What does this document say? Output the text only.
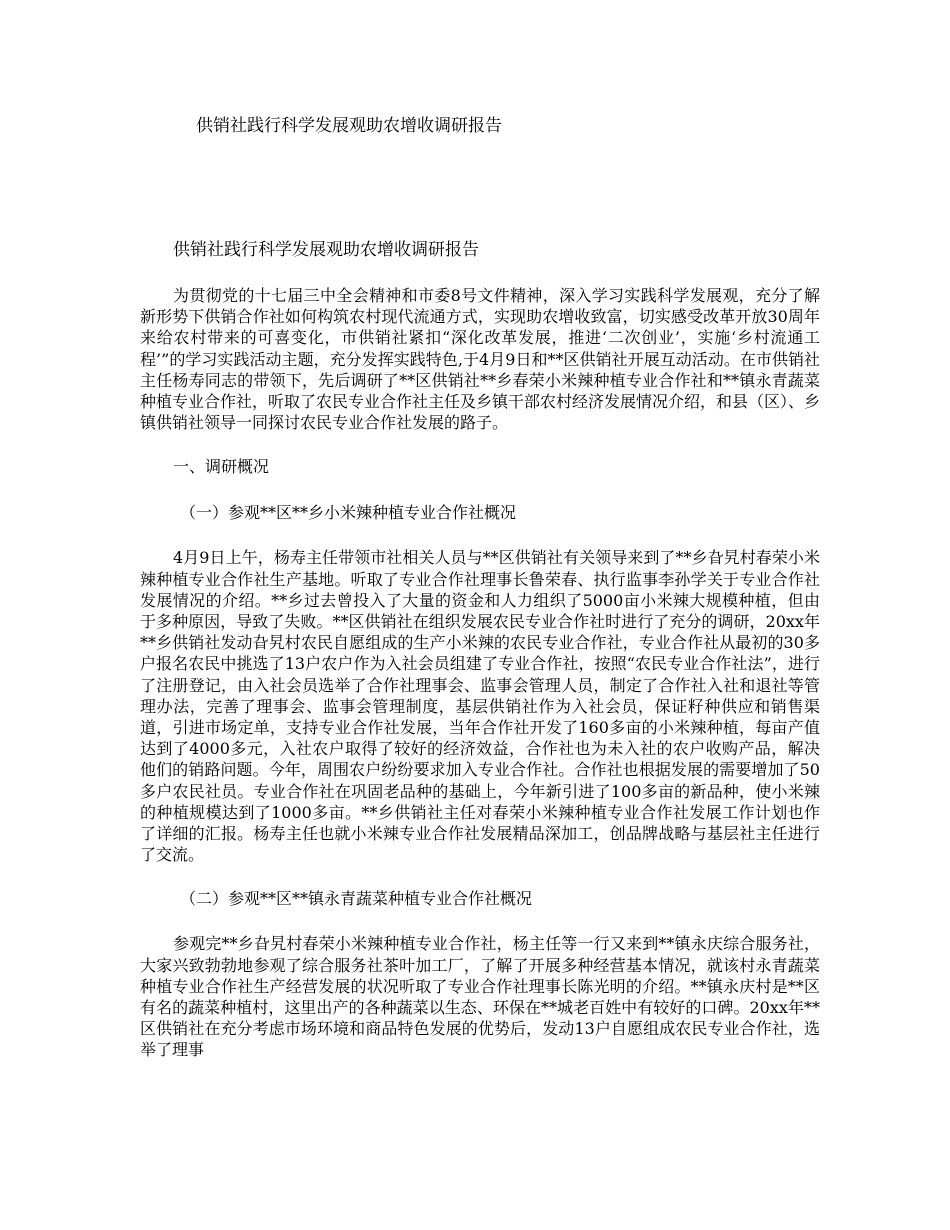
供销社践行科学发展观助农增收调研报告
供销社践行科学发展观助农增收调研报告

为贯彻党的十七届三中全会精神和市委8号文件精神，深入学习实践科学发展观，充分了解新形势下供销合作社如何构筑农村现代流通方式，实现助农增收致富，切实感受改革开放30周年来给农村带来的可喜变化，市供销社紧扣“深化改革发展，推进‘二次创业’，实施‘乡村流通工程’”的学习实践活动主题，充分发挥实践特色,于4月9日和**区供销社开展互动活动。在市供销社主任杨寿同志的带领下，先后调研了**区供销社**乡春荣小米辣种植专业合作社和**镇永青蔬菜种植专业合作社，听取了农民专业合作社主任及乡镇干部农村经济发展情况介绍，和县（区）、乡镇供销社领导一同探讨农民专业合作社发展的路子。

一、调研概况
（一）参观**区**乡小米辣种植专业合作社概况

4月9日上午，杨寿主任带领市社相关人员与**区供销社有关领导来到了**乡旮旯村春荣小米辣种植专业合作社生产基地。听取了专业合作社理事长鲁荣春、执行监事李孙学关于专业合作社发展情况的介绍。**乡过去曾投入了大量的资金和人力组织了5000亩小米辣大规模种植，但由于多种原因，导致了失败。**区供销社在组织发展农民专业合作社时进行了充分的调研，20xx年**乡供销社发动旮旯村农民自愿组成的生产小米辣的农民专业合作社，专业合作社从最初的30多户报名农民中挑选了13户农户作为入社会员组建了专业合作社，按照“农民专业合作社法”，进行了注册登记，由入社会员选举了合作社理事会、监事会管理人员，制定了合作社入社和退社等管理办法，完善了理事会、监事会管理制度，基层供销社作为入社会员，保证籽种供应和销售渠道，引进市场定单，支持专业合作社发展，当年合作社开发了160多亩的小米辣种植，每亩产值达到了4000多元，入社农户取得了较好的经济效益，合作社也为未入社的农户收购产品，解决他们的销路问题。今年，周围农户纷纷要求加入专业合作社。合作社也根据发展的需要增加了50多户农民社员。专业合作社在巩固老品种的基础上，今年新引进了100多亩的新品种，使小米辣的种植规模达到了1000多亩。**乡供销社主任对春荣小米辣种植专业合作社发展工作计划也作了详细的汇报。杨寿主任也就小米辣专业合作社发展精品深加工，创品牌战略与基层社主任进行了交流。

（二）参观**区**镇永青蔬菜种植专业合作社概况

参观完**乡旮旯村春荣小米辣种植专业合作社，杨主任等一行又来到**镇永庆综合服务社，大家兴致勃勃地参观了综合服务社茶叶加工厂，了解了开展多种经营基本情况，就该村永青蔬菜种植专业合作社生产经营发展的状况听取了专业合作社理事长陈光明的介绍。**镇永庆村是**区有名的蔬菜种植村，这里出产的各种蔬菜以生态、环保在**城老百姓中有较好的口碑。20xx年**区供销社在充分考虑市场环境和商品特色发展的优势后，发动13户自愿组成农民专业合作社，选举了理事
